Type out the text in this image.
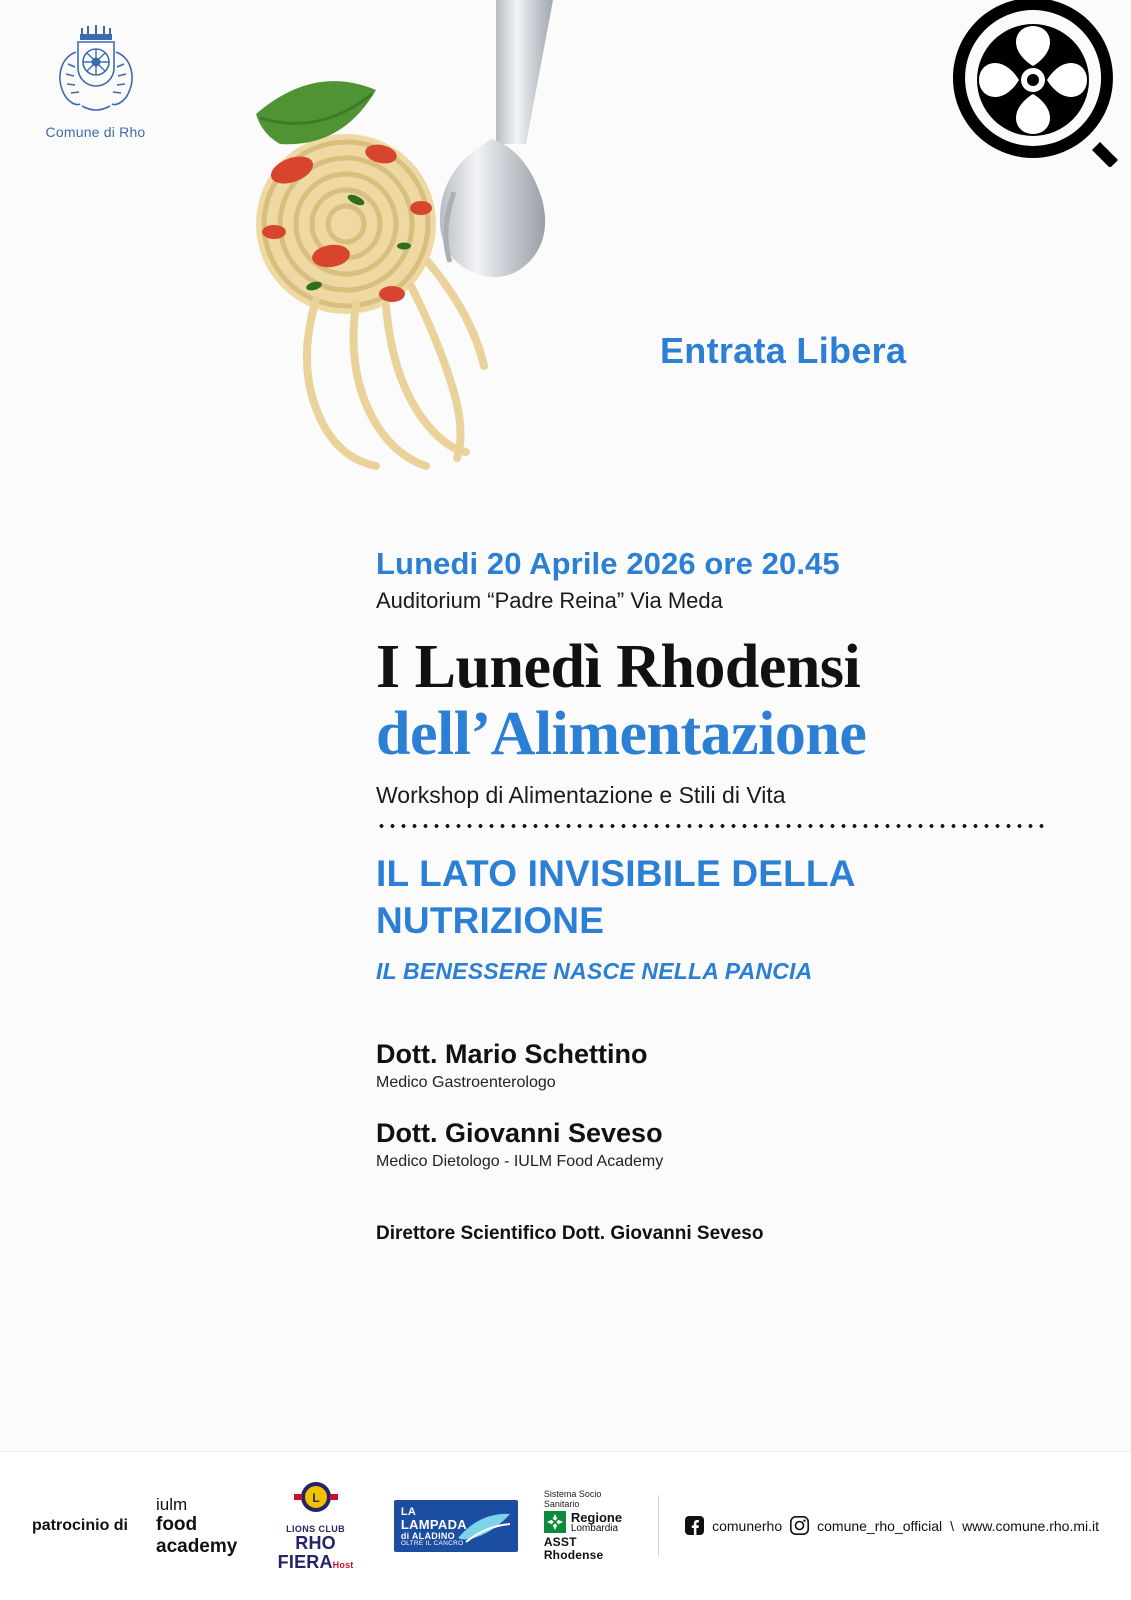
Comune di Rho
Entrata Libera
Lunedi 20 Aprile 2026 ore 20.45
Auditorium “Padre Reina” Via Meda
I Lunedì Rhodensi
dell’Alimentazione
Workshop di Alimentazione e Stili di Vita
IL LATO INVISIBILE DELLA NUTRIZIONE
IL BENESSERE NASCE NELLA PANCIA
Dott. Mario Schettino
Medico Gastroenterologo
Dott. Giovanni Seveso
Medico Dietologo - IULM Food Academy
Direttore Scientifico Dott. Giovanni Seveso
patrocinio di
iulm
food
academy
L
LIONS CLUB
RHO FIERAHost
LA
LAMPADA
di ALADINO
OLTRE IL CANCRO
Sistema Socio Sanitario
Regione
Lombardia
ASST Rhodense
comunerho	comune_rho_official \ www.comune.rho.mi.it
